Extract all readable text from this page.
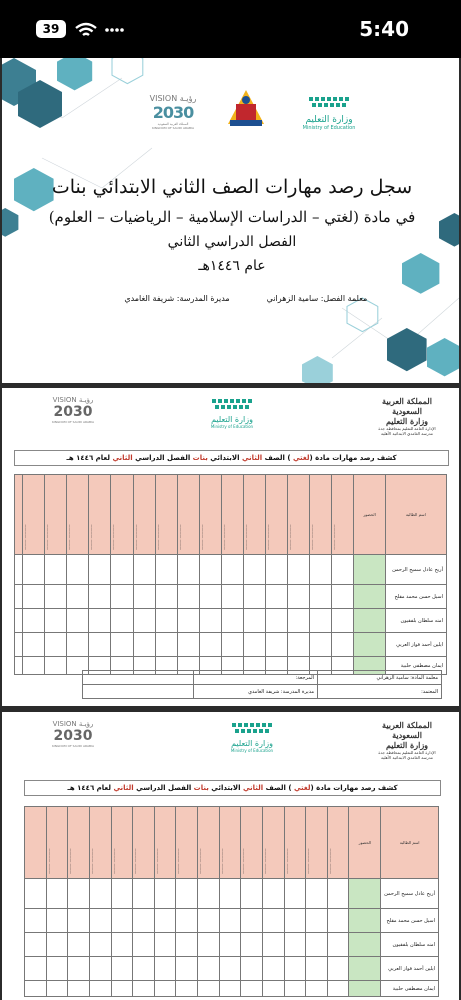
39	5:40
VISION رؤيـة
2030
المملكة العربية السعودية
KINGDOM OF SAUDI ARABIA
وزارة التعليم
Ministry of Education
سجل رصد مهارات الصف الثاني الابتدائي بنات
في مادة (لغتي – الدراسات الإسلامية – الرياضيات – العلوم)
الفصل الدراسي الثاني
عام ١٤٤٦هـ
معلمة الفصل: سامية الزهراني
مديرة المدرسة: شريفة الغامدي
VISION رؤيـة
2030
KINGDOM OF SAUDI ARABIA	وزارة التعليم
Ministry of Education
المملكة العربية السعودية
وزارة التعليم
الإدارة العامة للتعليم بمحافظة جدة
مدرسة الغامدي الابتدائية الأهلية
كشف رصد مهارات مادة (لغتي ) الصف الثاني الابتدائي بنات الفصل الدراسي الثاني لعام ١٤٤٦ هـ

	——— ————	——— ————	——— ————	——— ————	——— ————	——— ————	——— ————	——— ————	——— ————	——— ————	——— ————	——— ————	——— ————	——— ————	——— ————	الحضور	اسم الطالبة
																	أريج عادل سميح الرحمن
																	اسيل حسن محمد مقلح
																	امنه سلطان بلفقيون
																	ايلين أحمد فواز العربي
																	ايمان مصطفى حلبية
معلمة المادة: سامية الزهراني	المرجعة:	
المعتمد:	مديرة المدرسة: شريفة الغامدي	
VISION رؤيـة
2030
KINGDOM OF SAUDI ARABIA	وزارة التعليم
Ministry of Education
المملكة العربية السعودية
وزارة التعليم
الإدارة العامة للتعليم بمحافظة جدة
مدرسة الغامدي الابتدائية الأهلية
كشف رصد مهارات مادة (لغتي ) الصف الثاني الابتدائي بنات الفصل الدراسي الثاني لعام ١٤٤٦ هـ

	——— ————	——— ————	——— ————	——— ————	——— ————	——— ————	——— ————	——— ————	——— ————	——— ————	——— ————	——— ————	——— ————	——— ————	الحضور	اسم الطالبة
																أريج عادل سميح الرحمن
																اسيل حسن محمد مقلح
																امنه سلطان بلفقيون
																ايلين أحمد فواز العربي
																ايمان مصطفى حلبية
